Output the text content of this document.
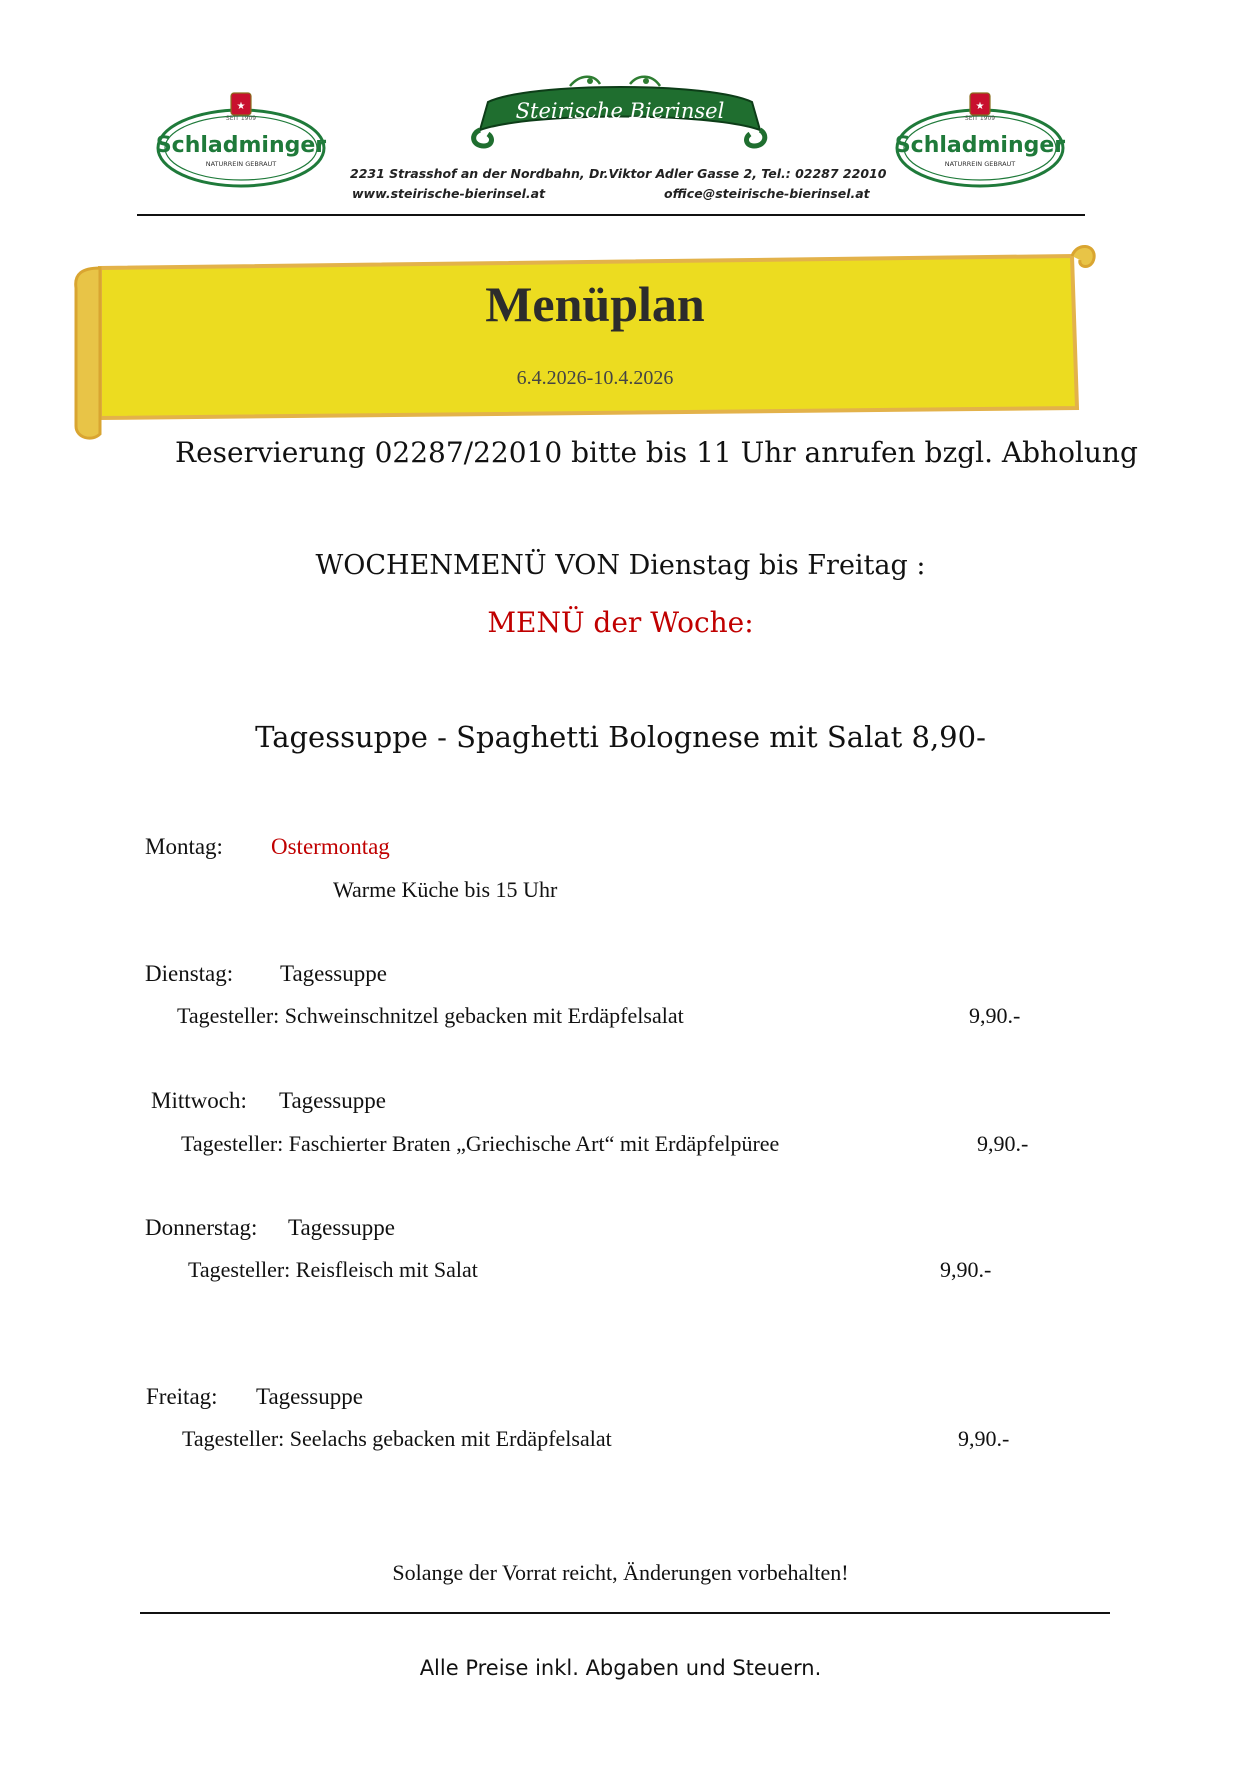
★
SEIT 1909
Schladminger
NATURREIN GEBRAUT
Steirische Bierinsel	★
SEIT 1909
Schladminger
NATURREIN GEBRAUT
2231 Strasshof an der Nordbahn, Dr.Viktor Adler Gasse 2, Tel.: 02287 22010
www.steirische-bierinsel.at	office@steirische-bierinsel.at
Menüplan
6.4.2026-10.4.2026
Reservierung 02287/22010 bitte bis 11 Uhr anrufen bzgl. Abholung
WOCHENMENÜ VON Dienstag bis Freitag :
MENÜ der Woche:
Tagessuppe - Spaghetti Bolognese mit Salat 8,90-
Montag: Ostermontag
Warme Küche bis 15 Uhr
Dienstag: Tagessuppe
Tagesteller: Schweinschnitzel gebacken mit Erdäpfelsalat	9,90.-
Mittwoch: Tagessuppe
Tagesteller: Faschierter Braten „Griechische Art“ mit Erdäpfelpüree	9,90.-
Donnerstag: Tagessuppe
Tagesteller: Reisfleisch mit Salat	9,90.-
Freitag: Tagessuppe
Tagesteller: Seelachs gebacken mit Erdäpfelsalat	9,90.-
Solange der Vorrat reicht, Änderungen vorbehalten!
Alle Preise inkl. Abgaben und Steuern.
